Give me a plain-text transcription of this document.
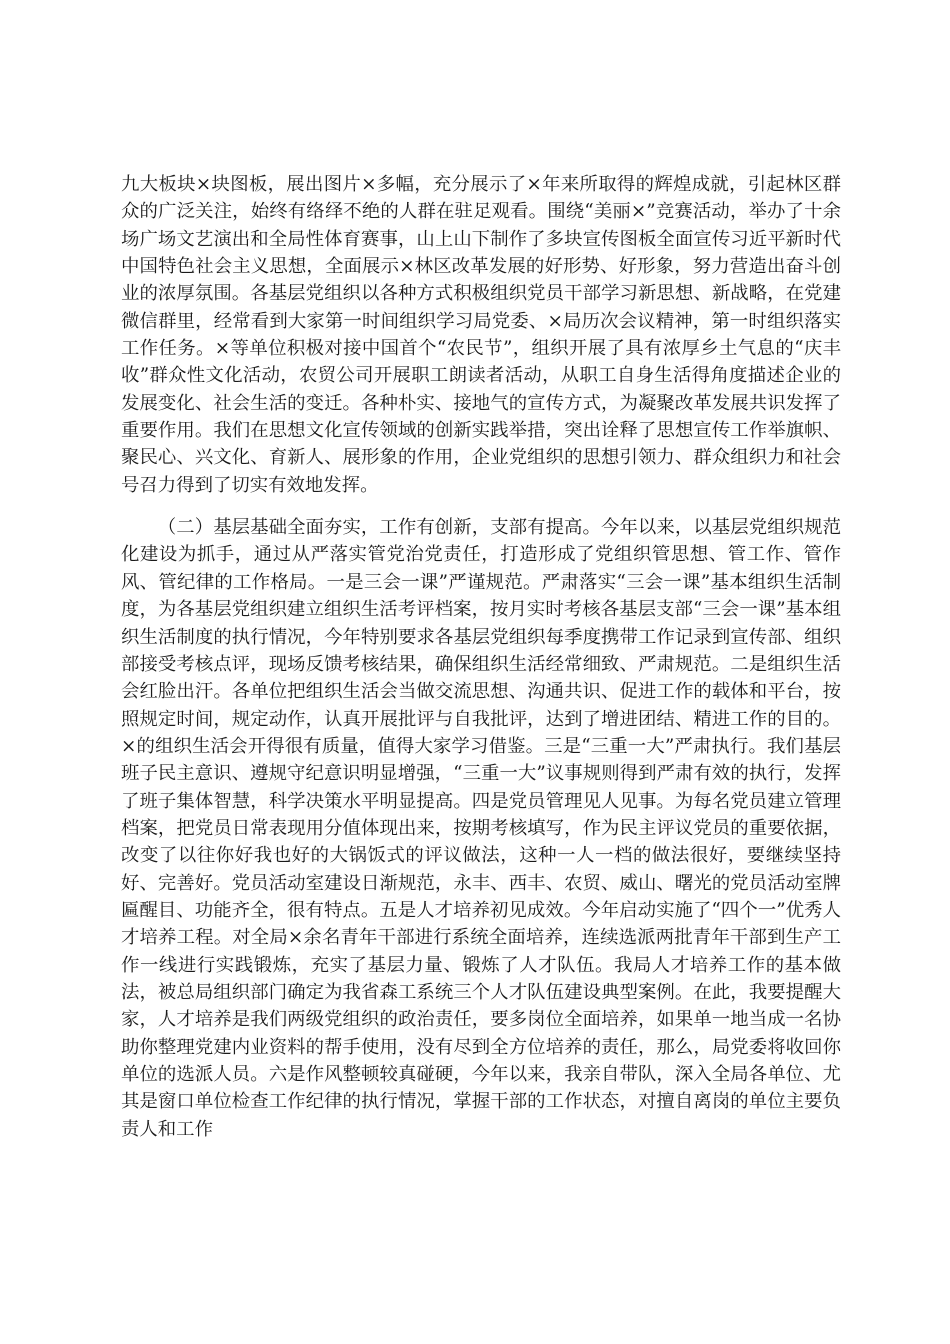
九大板块×块图板，展出图片×多幅，充分展示了×年来所取得的辉煌成就，引起林区群众的广泛关注，始终有络绎不绝的人群在驻足观看。围绕“美丽×”竞赛活动，举办了十余场广场文艺演出和全局性体育赛事，山上山下制作了多块宣传图板全面宣传习近平新时代中国特色社会主义思想，全面展示×林区改革发展的好形势、好形象，努力营造出奋斗创业的浓厚氛围。各基层党组织以各种方式积极组织党员干部学习新思想、新战略，在党建微信群里，经常看到大家第一时间组织学习局党委、×局历次会议精神，第一时组织落实工作任务。×等单位积极对接中国首个“农民节”，组织开展了具有浓厚乡土气息的“庆丰收”群众性文化活动，农贸公司开展职工朗读者活动，从职工自身生活得角度描述企业的发展变化、社会生活的变迁。各种朴实、接地气的宣传方式，为凝聚改革发展共识发挥了重要作用。我们在思想文化宣传领域的创新实践举措，突出诠释了思想宣传工作举旗帜、聚民心、兴文化、育新人、展形象的作用，企业党组织的思想引领力、群众组织力和社会号召力得到了切实有效地发挥。

（二）基层基础全面夯实，工作有创新，支部有提高。今年以来，以基层党组织规范化建设为抓手，通过从严落实管党治党责任，打造形成了党组织管思想、管工作、管作风、管纪律的工作格局。一是三会一课”严谨规范。严肃落实“三会一课”基本组织生活制度，为各基层党组织建立组织生活考评档案，按月实时考核各基层支部“三会一课”基本组织生活制度的执行情况，今年特别要求各基层党组织每季度携带工作记录到宣传部、组织部接受考核点评，现场反馈考核结果，确保组织生活经常细致、严肃规范。二是组织生活会红脸出汗。各单位把组织生活会当做交流思想、沟通共识、促进工作的载体和平台，按照规定时间，规定动作，认真开展批评与自我批评，达到了增进团结、精进工作的目的。×的组织生活会开得很有质量，值得大家学习借鉴。三是“三重一大”严肃执行。我们基层班子民主意识、遵规守纪意识明显增强，“三重一大”议事规则得到严肃有效的执行，发挥了班子集体智慧，科学决策水平明显提高。四是党员管理见人见事。为每名党员建立管理档案，把党员日常表现用分值体现出来，按期考核填写，作为民主评议党员的重要依据，改变了以往你好我也好的大锅饭式的评议做法，这种一人一档的做法很好，要继续坚持好、完善好。党员活动室建设日渐规范，永丰、西丰、农贸、威山、曙光的党员活动室牌匾醒目、功能齐全，很有特点。五是人才培养初见成效。今年启动实施了“四个一”优秀人才培养工程。对全局×余名青年干部进行系统全面培养，连续选派两批青年干部到生产工作一线进行实践锻炼，充实了基层力量、锻炼了人才队伍。我局人才培养工作的基本做法，被总局组织部门确定为我省森工系统三个人才队伍建设典型案例。在此，我要提醒大家，人才培养是我们两级党组织的政治责任，要多岗位全面培养，如果单一地当成一名协助你整理党建内业资料的帮手使用，没有尽到全方位培养的责任，那么，局党委将收回你单位的选派人员。六是作风整顿较真碰硬，今年以来，我亲自带队，深入全局各单位、尤其是窗口单位检查工作纪律的执行情况，掌握干部的工作状态，对擅自离岗的单位主要负责人和工作
